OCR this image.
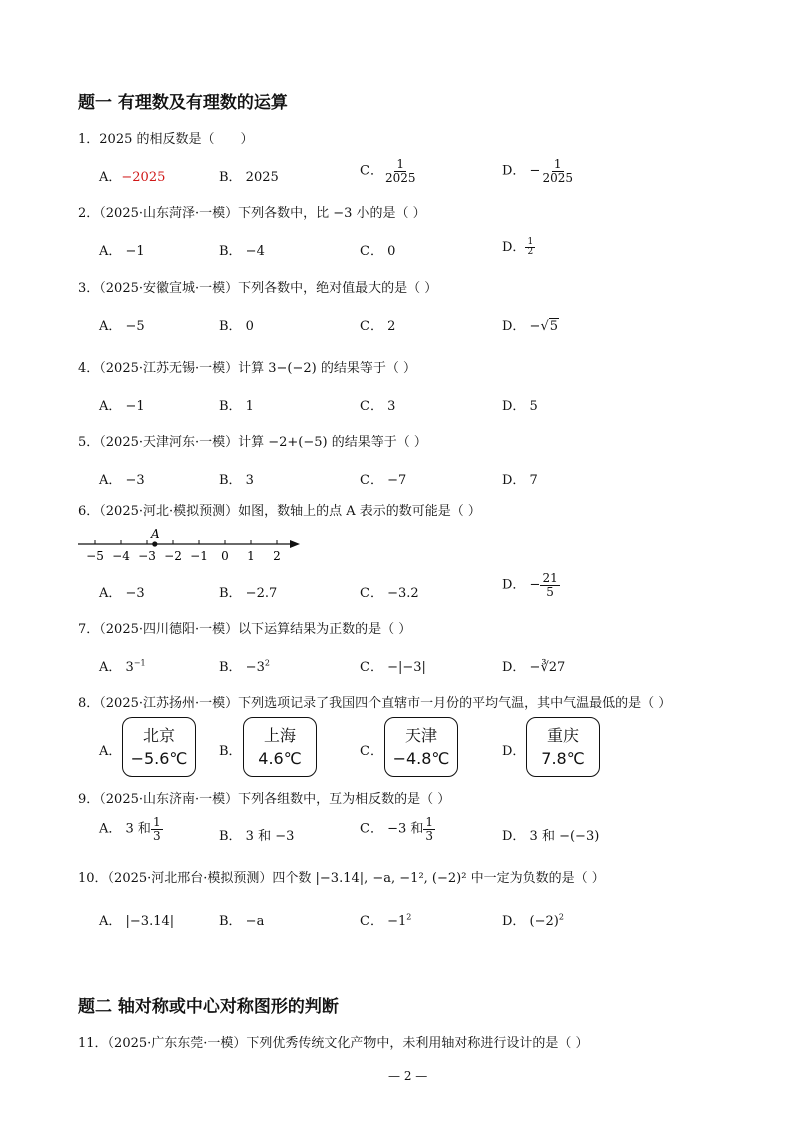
题一 有理数及有理数的运算
1．2025 的相反数是（　　）
A．−2025	B． 2025	C． $\frac{1}{2025}$	D． − $\frac{1}{2025}$
2．（2025·山东菏泽·一模）下列各数中，比 −3 小的是（ ）
A． −1	B． −4	C． 0	D． $\frac{1}{2}$
3．（2025·安徽宣城·一模）下列各数中，绝对值最大的是（ ）
A． −5	B． 0	C． 2	D． −√5
4．（2025·江苏无锡·一模）计算 3−(−2) 的结果等于（ ）
A． −1	B． 1	C． 3	D． 5
5．（2025·天津河东·一模）计算 −2+(−5) 的结果等于（ ）
A． −3	B． 3	C． −7	D． 7
6．（2025·河北·模拟预测）如图，数轴上的点 A 表示的数可能是（ ）
−5 −4 −3 −2 −1 0 1 2
A
A． −3	B． −2.7	C． −3.2
D． − $\frac{21}{5}$
7．（2025·四川德阳·一模）以下运算结果为正数的是（ ）
A． $3^{-1}$	B． $-3^2$	C． −|−3|	D． −∛27
8．（2025·江苏扬州·一模）下列选项记录了我国四个直辖市一月份的平均气温，其中气温最低的是（ ）
A．
北京
−5.6℃ B．
上海
4.6℃	C．
天津
−4.8℃	D．
重庆
7.8℃
9．（2025·山东济南·一模）下列各组数中，互为相反数的是（ ）
A． 3 和 $\frac{1}{3}$	B． 3 和 −3	C． −3 和 $\frac{1}{3}$	D． 3 和 −(−3)
10．（2025·河北邢台·模拟预测）四个数 |−3.14|, −a, −1², (−2)² 中一定为负数的是（ ）
A． |−3.14|	B． −a	C． $-1^2$	D． $(-2)^2$
题二 轴对称或中心对称图形的判断
11．（2025·广东东莞·一模）下列优秀传统文化产物中，未利用轴对称进行设计的是（ ）
— 2 —
